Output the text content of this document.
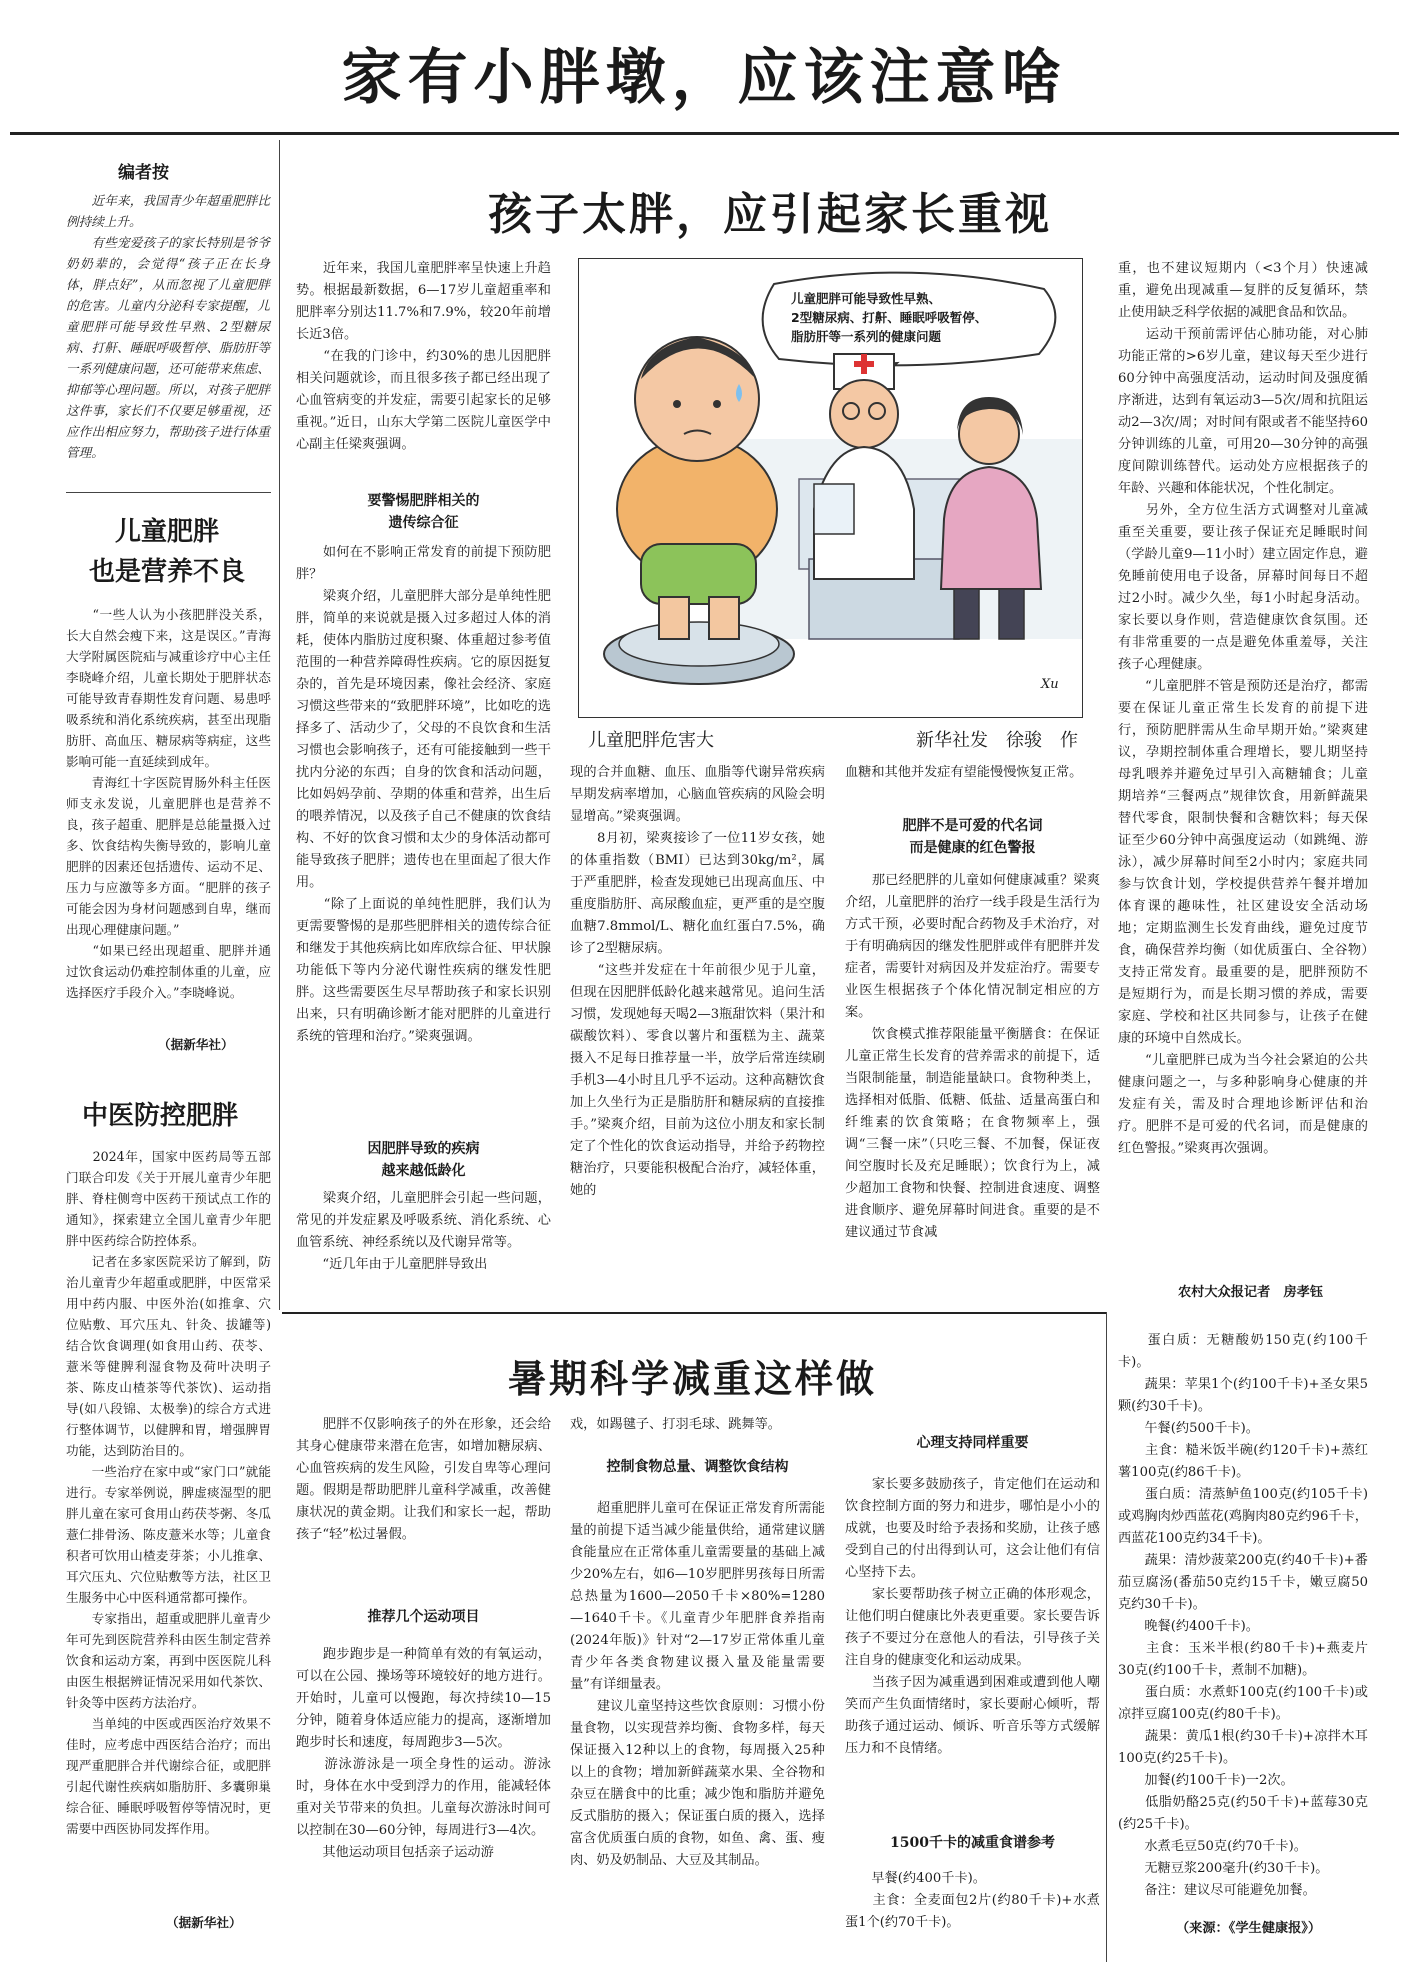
家有小胖墩，应该注意啥
编者按
　　近年来，我国青少年超重肥胖比例持续上升。
　　有些宠爱孩子的家长特别是爷爷奶奶辈的，会觉得“孩子正在长身体，胖点好”，从而忽视了儿童肥胖的危害。儿童内分泌科专家提醒，儿童肥胖可能导致性早熟、2型糖尿病、打鼾、睡眠呼吸暂停、脂肪肝等一系列健康问题，还可能带来焦虑、抑郁等心理问题。所以，对孩子肥胖这件事，家长们不仅要足够重视，还应作出相应努力，帮助孩子进行体重管理。
儿童肥胖
也是营养不良
　　“一些人认为小孩肥胖没关系，长大自然会瘦下来，这是误区。”青海大学附属医院疝与减重诊疗中心主任李晓峰介绍，儿童长期处于肥胖状态可能导致青春期性发育问题、易患呼吸系统和消化系统疾病，甚至出现脂肪肝、高血压、糖尿病等病症，这些影响可能一直延续到成年。
　　青海红十字医院胃肠外科主任医师支永发说，儿童肥胖也是营养不良，孩子超重、肥胖是总能量摄入过多、饮食结构失衡导致的，影响儿童肥胖的因素还包括遗传、运动不足、压力与应激等多方面。“肥胖的孩子可能会因为身材问题感到自卑，继而出现心理健康问题。”
　　“如果已经出现超重、肥胖并通过饮食运动仍难控制体重的儿童，应选择医疗手段介入。”李晓峰说。
（据新华社）
中医防控肥胖
　　2024年，国家中医药局等五部门联合印发《关于开展儿童青少年肥胖、脊柱侧弯中医药干预试点工作的通知》，探索建立全国儿童青少年肥胖中医药综合防控体系。
　　记者在多家医院采访了解到，防治儿童青少年超重或肥胖，中医常采用中药内服、中医外治(如推拿、穴位贴敷、耳穴压丸、针灸、拔罐等)结合饮食调理(如食用山药、茯苓、薏米等健脾利湿食物及荷叶决明子茶、陈皮山楂茶等代茶饮)、运动指导(如八段锦、太极拳)的综合方式进行整体调节，以健脾和胃，增强脾胃功能，达到防治目的。
　　一些治疗在家中或“家门口”就能进行。专家举例说，脾虚痰湿型的肥胖儿童在家可食用山药茯苓粥、冬瓜薏仁排骨汤、陈皮薏米水等；儿童食积者可饮用山楂麦芽茶；小儿推拿、耳穴压丸、穴位贴敷等方法，社区卫生服务中心中医科通常都可操作。
　　专家指出，超重或肥胖儿童青少年可先到医院营养科由医生制定营养饮食和运动方案，再到中医医院儿科由医生根据辨证情况采用如代茶饮、针灸等中医药方法治疗。
　　当单纯的中医或西医治疗效果不佳时，应考虑中西医结合治疗；而出现严重肥胖合并代谢综合征，或肥胖引起代谢性疾病如脂肪肝、多囊卵巢综合征、睡眠呼吸暂停等情况时，更需要中西医协同发挥作用。
（据新华社）
孩子太胖，应引起家长重视
　　近年来，我国儿童肥胖率呈快速上升趋势。根据最新数据，6—17岁儿童超重率和肥胖率分别达11.7%和7.9%，较20年前增长近3倍。
　　“在我的门诊中，约30%的患儿因肥胖相关问题就诊，而且很多孩子都已经出现了心血管病变的并发症，需要引起家长的足够重视。”近日，山东大学第二医院儿童医学中心副主任梁爽强调。
要警惕肥胖相关的
遗传综合征
　　如何在不影响正常发育的前提下预防肥胖？
　　梁爽介绍，儿童肥胖大部分是单纯性肥胖，简单的来说就是摄入过多超过人体的消耗，使体内脂肪过度积聚、体重超过参考值范围的一种营养障碍性疾病。它的原因挺复杂的，首先是环境因素，像社会经济、家庭习惯这些带来的“致肥胖环境”，比如吃的选择多了、活动少了，父母的不良饮食和生活习惯也会影响孩子，还有可能接触到一些干扰内分泌的东西；自身的饮食和活动问题，比如妈妈孕前、孕期的体重和营养，出生后的喂养情况，以及孩子自己不健康的饮食结构、不好的饮食习惯和太少的身体活动都可能导致孩子肥胖；遗传也在里面起了很大作用。
　　“除了上面说的单纯性肥胖，我们认为更需要警惕的是那些肥胖相关的遗传综合征和继发于其他疾病比如库欣综合征、甲状腺功能低下等内分泌代谢性疾病的继发性肥胖。这些需要医生尽早帮助孩子和家长识别出来，只有明确诊断才能对肥胖的儿童进行系统的管理和治疗。”梁爽强调。
因肥胖导致的疾病
越来越低龄化
　　梁爽介绍，儿童肥胖会引起一些问题，常见的并发症累及呼吸系统、消化系统、心血管系统、神经系统以及代谢异常等。
　　“近几年由于儿童肥胖导致出
儿童肥胖可能导致性早熟、
2型糖尿病、打鼾、睡眠呼吸暂停、
脂肪肝等一系列的健康问题
Xu
儿童肥胖危害大	新华社发　徐骏　作
现的合并血糖、血压、血脂等代谢异常疾病早期发病率增加，心脑血管疾病的风险会明显增高。”梁爽强调。
　　8月初，梁爽接诊了一位11岁女孩，她的体重指数（BMI）已达到30kg/m²，属于严重肥胖，检查发现她已出现高血压、中重度脂肪肝、高尿酸血症，更严重的是空腹血糖7.8mmol/L、糖化血红蛋白7.5%，确诊了2型糖尿病。
　　“这些并发症在十年前很少见于儿童，但现在因肥胖低龄化越来越常见。追问生活习惯，发现她每天喝2—3瓶甜饮料（果汁和碳酸饮料）、零食以薯片和蛋糕为主、蔬菜摄入不足每日推荐量一半，放学后常连续刷手机3—4小时且几乎不运动。这种高糖饮食加上久坐行为正是脂肪肝和糖尿病的直接推手。”梁爽介绍，目前为这位小朋友和家长制定了个性化的饮食运动指导，并给予药物控糖治疗，只要能积极配合治疗，减轻体重，她的
血糖和其他并发症有望能慢慢恢复正常。
肥胖不是可爱的代名词
而是健康的红色警报
　　那已经肥胖的儿童如何健康减重？梁爽介绍，儿童肥胖的治疗一线手段是生活行为方式干预，必要时配合药物及手术治疗，对于有明确病因的继发性肥胖或伴有肥胖并发症者，需要针对病因及并发症治疗。需要专业医生根据孩子个体化情况制定相应的方案。
　　饮食模式推荐限能量平衡膳食：在保证儿童正常生长发育的营养需求的前提下，适当限制能量，制造能量缺口。食物种类上，选择相对低脂、低糖、低盐、适量高蛋白和纤维素的饮食策略；在食物频率上，强调“三餐一床”（只吃三餐、不加餐，保证夜间空腹时长及充足睡眠）；饮食行为上，减少超加工食物和快餐、控制进食速度、调整进食顺序、避免屏幕时间进食。重要的是不建议通过节食减
重，也不建议短期内（<3个月）快速减重，避免出现减重—复胖的反复循环，禁止使用缺乏科学依据的减肥食品和饮品。
　　运动干预前需评估心肺功能，对心肺功能正常的>6岁儿童，建议每天至少进行60分钟中高强度活动，运动时间及强度循序渐进，达到有氧运动3—5次/周和抗阻运动2—3次/周；对时间有限或者不能坚持60分钟训练的儿童，可用20—30分钟的高强度间隙训练替代。运动处方应根据孩子的年龄、兴趣和体能状况，个性化制定。
　　另外，全方位生活方式调整对儿童减重至关重要，要让孩子保证充足睡眠时间（学龄儿童9—11小时）建立固定作息，避免睡前使用电子设备，屏幕时间每日不超过2小时。减少久坐，每1小时起身活动。家长要以身作则，营造健康饮食氛围。还有非常重要的一点是避免体重羞辱，关注孩子心理健康。
　　“儿童肥胖不管是预防还是治疗，都需要在保证儿童正常生长发育的前提下进行，预防肥胖需从生命早期开始。”梁爽建议，孕期控制体重合理增长，婴儿期坚持母乳喂养并避免过早引入高糖辅食；儿童期培养“三餐两点”规律饮食，用新鲜蔬果替代零食，限制快餐和含糖饮料；每天保证至少60分钟中高强度运动（如跳绳、游泳），减少屏幕时间至2小时内；家庭共同参与饮食计划，学校提供营养午餐并增加体育课的趣味性，社区建设安全活动场地；定期监测生长发育曲线，避免过度节食，确保营养均衡（如优质蛋白、全谷物）支持正常发育。最重要的是，肥胖预防不是短期行为，而是长期习惯的养成，需要家庭、学校和社区共同参与，让孩子在健康的环境中自然成长。
　　“儿童肥胖已成为当今社会紧迫的公共健康问题之一，与多种影响身心健康的并发症有关，需及时合理地诊断评估和治疗。肥胖不是可爱的代名词，而是健康的红色警报。”梁爽再次强调。
农村大众报记者　房孝钰
暑期科学减重这样做
　　肥胖不仅影响孩子的外在形象，还会给其身心健康带来潜在危害，如增加糖尿病、心血管疾病的发生风险，引发自卑等心理问题。假期是帮助肥胖儿童科学减重，改善健康状况的黄金期。让我们和家长一起，帮助孩子“轻”松过暑假。
推荐几个运动项目
　　跑步跑步是一种简单有效的有氧运动，可以在公园、操场等环境较好的地方进行。开始时，儿童可以慢跑，每次持续10—15分钟，随着身体适应能力的提高，逐渐增加跑步时长和速度，每周跑步3—5次。
　　游泳游泳是一项全身性的运动。游泳时，身体在水中受到浮力的作用，能减轻体重对关节带来的负担。儿童每次游泳时间可以控制在30—60分钟，每周进行3—4次。
　　其他运动项目包括亲子运动游
戏，如踢毽子、打羽毛球、跳舞等。
控制食物总量、调整饮食结构
　　超重肥胖儿童可在保证正常发育所需能量的前提下适当减少能量供给，通常建议膳食能量应在正常体重儿童需要量的基础上减少20%左右，如6—10岁肥胖男孩每日所需总热量为1600—2050千卡×80%=1280—1640千卡。《儿童青少年肥胖食养指南(2024年版)》针对“2—17岁正常体重儿童青少年各类食物建议摄入量及能量需要量”有详细量表。
　　建议儿童坚持这些饮食原则：习惯小份量食物，以实现营养均衡、食物多样，每天保证摄入12种以上的食物，每周摄入25种以上的食物；增加新鲜蔬菜水果、全谷物和杂豆在膳食中的比重；减少饱和脂肪并避免反式脂肪的摄入；保证蛋白质的摄入，选择富含优质蛋白质的食物，如鱼、禽、蛋、瘦肉、奶及奶制品、大豆及其制品。
心理支持同样重要
　　家长要多鼓励孩子，肯定他们在运动和饮食控制方面的努力和进步，哪怕是小小的成就，也要及时给予表扬和奖励，让孩子感受到自己的付出得到认可，这会让他们有信心坚持下去。
　　家长要帮助孩子树立正确的体形观念，让他们明白健康比外表更重要。家长要告诉孩子不要过分在意他人的看法，引导孩子关注自身的健康变化和运动成果。
　　当孩子因为减重遇到困难或遭到他人嘲笑而产生负面情绪时，家长要耐心倾听，帮助孩子通过运动、倾诉、听音乐等方式缓解压力和不良情绪。
1500千卡的减重食谱参考
　　早餐(约400千卡)。
　　主食：全麦面包2片(约80千卡)+水煮蛋1个(约70千卡)。
　　蛋白质：无糖酸奶150克(约100千卡)。
　　蔬果：苹果1个(约100千卡)+圣女果5颗(约30千卡)。
　　午餐(约500千卡)。
　　主食：糙米饭半碗(约120千卡)+蒸红薯100克(约86千卡)。
　　蛋白质：清蒸鲈鱼100克(约105千卡)或鸡胸肉炒西蓝花(鸡胸肉80克约96千卡，西蓝花100克约34千卡)。
　　蔬果：清炒菠菜200克(约40千卡)+番茄豆腐汤(番茄50克约15千卡，嫩豆腐50克约30千卡)。
　　晚餐(约400千卡)。
　　主食：玉米半根(约80千卡)+燕麦片30克(约100千卡，煮制不加糖)。
　　蛋白质：水煮虾100克(约100千卡)或凉拌豆腐100克(约80千卡)。
　　蔬果：黄瓜1根(约30千卡)+凉拌木耳100克(约25千卡)。
　　加餐(约100千卡)一2次。
　　低脂奶酪25克(约50千卡)+蓝莓30克(约25千卡)。
　　水煮毛豆50克(约70千卡)。
　　无糖豆浆200毫升(约30千卡)。
　　备注：建议尽可能避免加餐。
（来源：《学生健康报》）
